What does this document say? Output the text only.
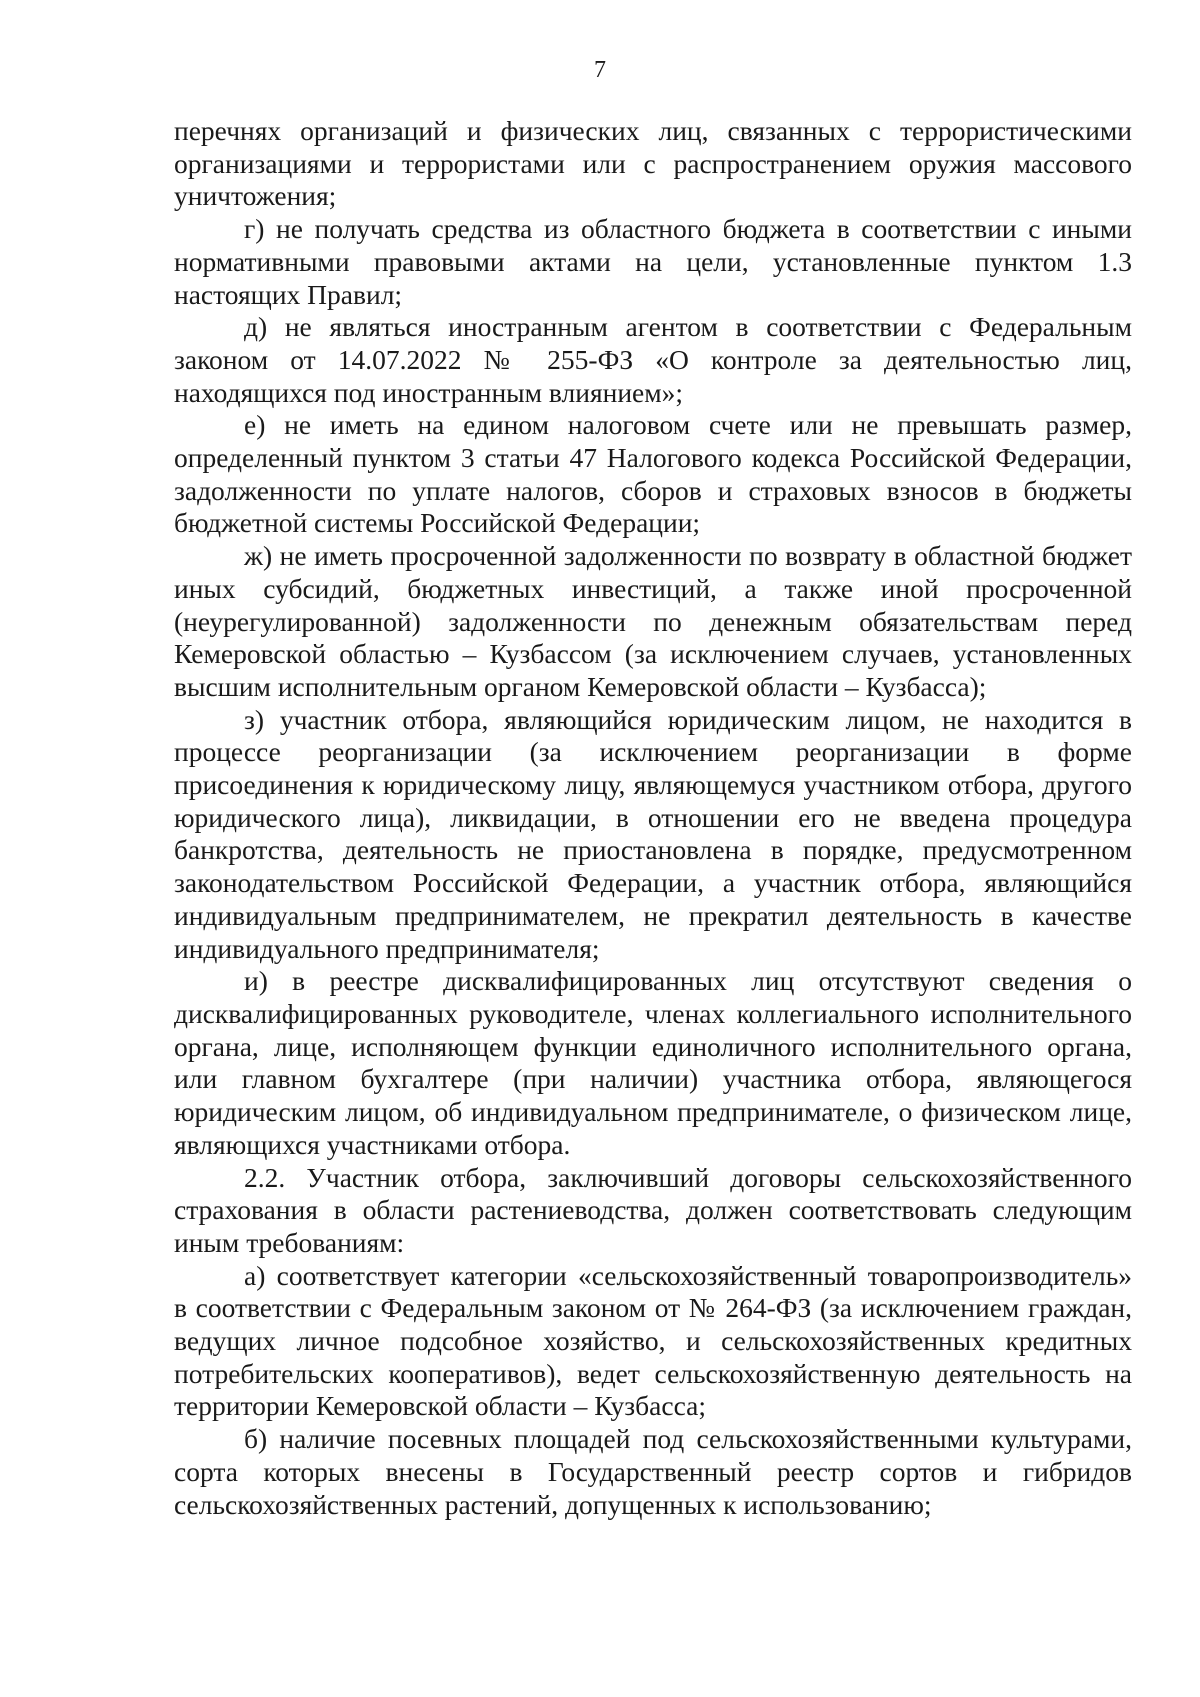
7

перечнях организаций и физических лиц, связанных с террористическими организациями и террористами или с распространением оружия массового уничтожения;

г) не получать средства из областного бюджета в соответствии с иными нормативными правовыми актами на цели, установленные пунктом 1.3 настоящих Правил;

д) не являться иностранным агентом в соответствии с Федеральным законом от 14.07.2022 № 255-ФЗ «О контроле за деятельностью лиц, находящихся под иностранным влиянием»;

е) не иметь на едином налоговом счете или не превышать размер, определенный пунктом 3 статьи 47 Налогового кодекса Российской Федерации, задолженности по уплате налогов, сборов и страховых взносов в бюджеты бюджетной системы Российской Федерации;

ж) не иметь просроченной задолженности по возврату в областной бюджет иных субсидий, бюджетных инвестиций, а также иной просроченной (неурегулированной) задолженности по денежным обязательствам перед Кемеровской областью – Кузбассом (за исключением случаев, установленных высшим исполнительным органом Кемеровской области – Кузбасса);

з) участник отбора, являющийся юридическим лицом, не находится в процессе реорганизации (за исключением реорганизации в форме присоединения к юридическому лицу, являющемуся участником отбора, другого юридического лица), ликвидации, в отношении его не введена процедура банкротства, деятельность не приостановлена в порядке, предусмотренном законодательством Российской Федерации, а участник отбора, являющийся индивидуальным предпринимателем, не прекратил деятельность в качестве индивидуального предпринимателя;

и) в реестре дисквалифицированных лиц отсутствуют сведения о дисквалифицированных руководителе, членах коллегиального исполнительного органа, лице, исполняющем функции единоличного исполнительного органа, или главном бухгалтере (при наличии) участника отбора, являющегося юридическим лицом, об индивидуальном предпринимателе, о физическом лице, являющихся участниками отбора.

2.2. Участник отбора, заключивший договоры сельскохозяйственного страхования в области растениеводства, должен соответствовать следующим иным требованиям:

а) соответствует категории «сельскохозяйственный товаропроизводитель» в соответствии с Федеральным законом от № 264-ФЗ (за исключением граждан, ведущих личное подсобное хозяйство, и сельскохозяйственных кредитных потребительских кооперативов), ведет сельскохозяйственную деятельность на территории Кемеровской области – Кузбасса;

б) наличие посевных площадей под сельскохозяйственными культурами, сорта которых внесены в Государственный реестр сортов и гибридов сельскохозяйственных растений, допущенных к использованию;
